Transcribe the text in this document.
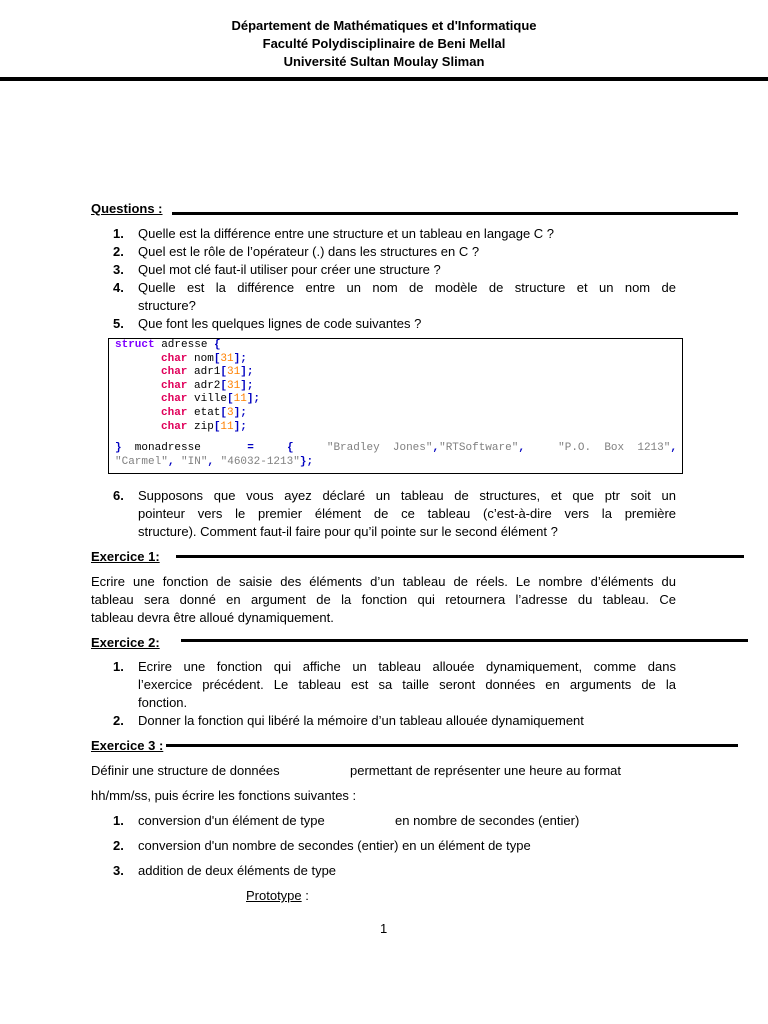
Département de Mathématiques et d'Informatique
Faculté Polydisciplinaire de Beni Mellal
Université Sultan Moulay Sliman
Questions :
1. Quelle est la différence entre une structure et un tableau en langage C ?
2. Quel est le rôle de l’opérateur (.) dans les structures en C ?
3. Quel mot clé faut-il utiliser pour créer une structure ?
4. Quelle est la différence entre un nom de modèle de structure et un nom de
structure?
5. Que font les quelques lignes de code suivantes ?
struct adresse {
char nom[31];
char adr1[31];
char adr2[31];
char ville[11];
char etat[3];
char zip[11];
}  monadresse	=	{	"Bradley  Jones","RTSoftware",	"P.O.  Box  1213",
"Carmel", "IN", "46032-1213"};
6. Supposons que vous ayez déclaré un tableau de structures, et que ptr soit un
pointeur vers le premier élément de ce tableau (c’est-à-dire vers la première
structure). Comment faut-il faire pour qu’il pointe sur le second élément ?
Exercice 1:
Ecrire une fonction de saisie des éléments d’un tableau de réels. Le nombre d’éléments du
tableau sera donné en argument de la fonction qui retournera l’adresse du tableau. Ce
tableau devra être alloué dynamiquement.
Exercice 2:
1. Ecrire une fonction qui affiche un tableau allouée dynamiquement, comme dans
l’exercice précédent. Le tableau est sa taille seront données en arguments de la
fonction.
2. Donner la fonction qui libéré la mémoire d’un tableau allouée dynamiquement
Exercice 3 :
Définir une structure de données	permettant de représenter une heure au format
hh/mm/ss, puis écrire les fonctions suivantes :
1. conversion d'un élément de type	en nombre de secondes (entier)
2. conversion d'un nombre de secondes (entier) en un élément de type
3. addition de deux éléments de type
Prototype :
1
